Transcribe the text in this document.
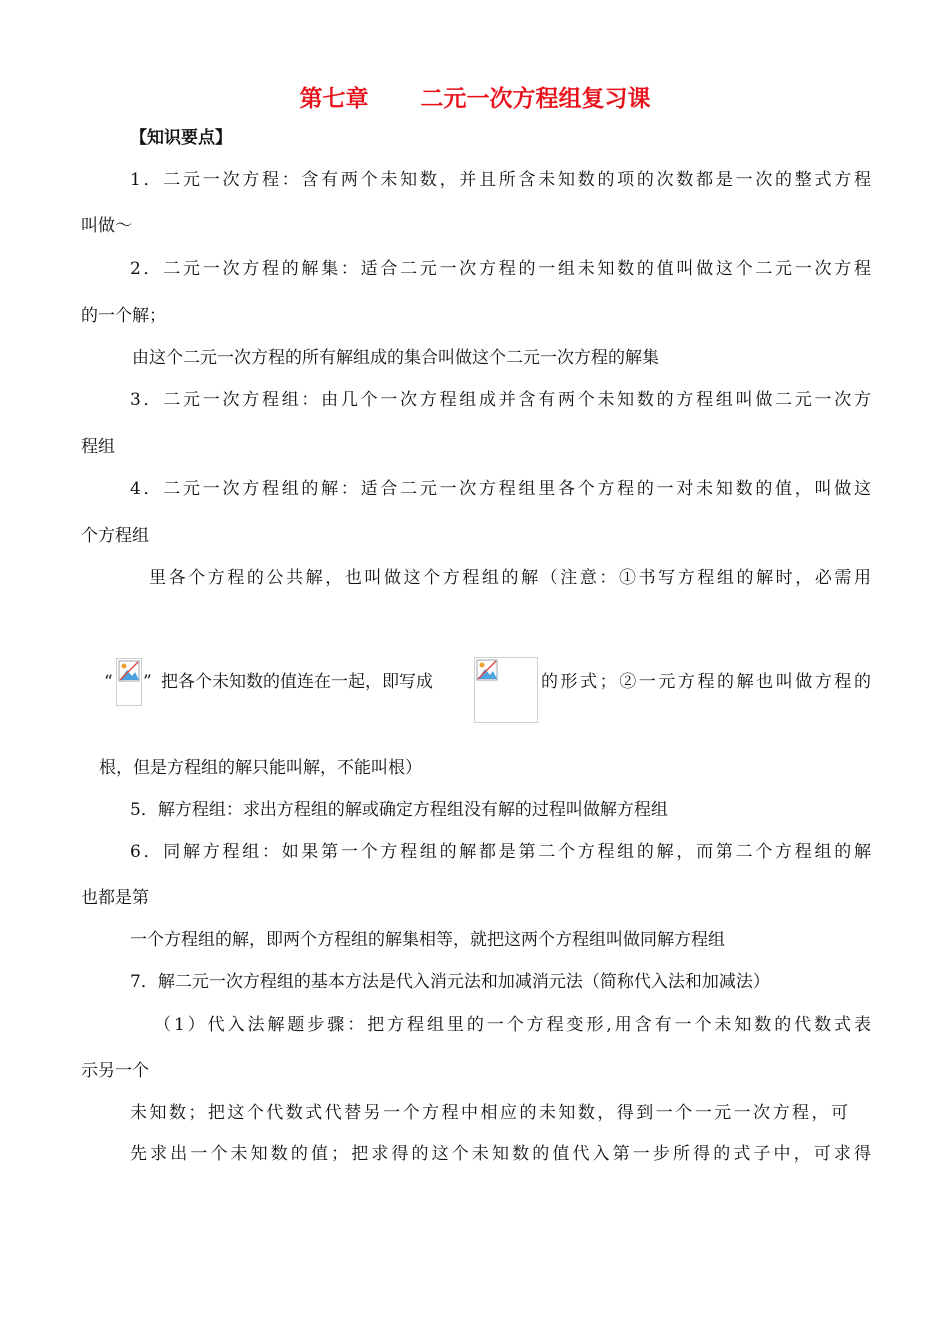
第七章 二元一次方程组复习课
【知识要点】
1．二元一次方程：含有两个未知数，并且所含未知数的项的次数都是一次的整式方程
叫做～
2．二元一次方程的解集：适合二元一次方程的一组未知数的值叫做这个二元一次方程
的一个解；
由这个二元一次方程的所有解组成的集合叫做这个二元一次方程的解集
3．二元一次方程组：由几个一次方程组成并含有两个未知数的方程组叫做二元一次方
程组
4．二元一次方程组的解：适合二元一次方程组里各个方程的一对未知数的值，叫做这
个方程组
里各个方程的公共解，也叫做这个方程组的解（注意：①书写方程组的解时，必需用
“ ” 把各个未知数的值连在一起，即写成	的形式；②一元方程的解也叫做方程的
根，但是方程组的解只能叫解，不能叫根）
5．解方程组：求出方程组的解或确定方程组没有解的过程叫做解方程组
6．同解方程组：如果第一个方程组的解都是第二个方程组的解，而第二个方程组的解
也都是第
一个方程组的解，即两个方程组的解集相等，就把这两个方程组叫做同解方程组
7．解二元一次方程组的基本方法是代入消元法和加减消元法（简称代入法和加减法）
（1）代入法解题步骤：把方程组里的一个方程变形,用含有一个未知数的代数式表
示另一个
未知数；把这个代数式代替另一个方程中相应的未知数，得到一个一元一次方程，可
先求出一个未知数的值；把求得的这个未知数的值代入第一步所得的式子中，可求得
